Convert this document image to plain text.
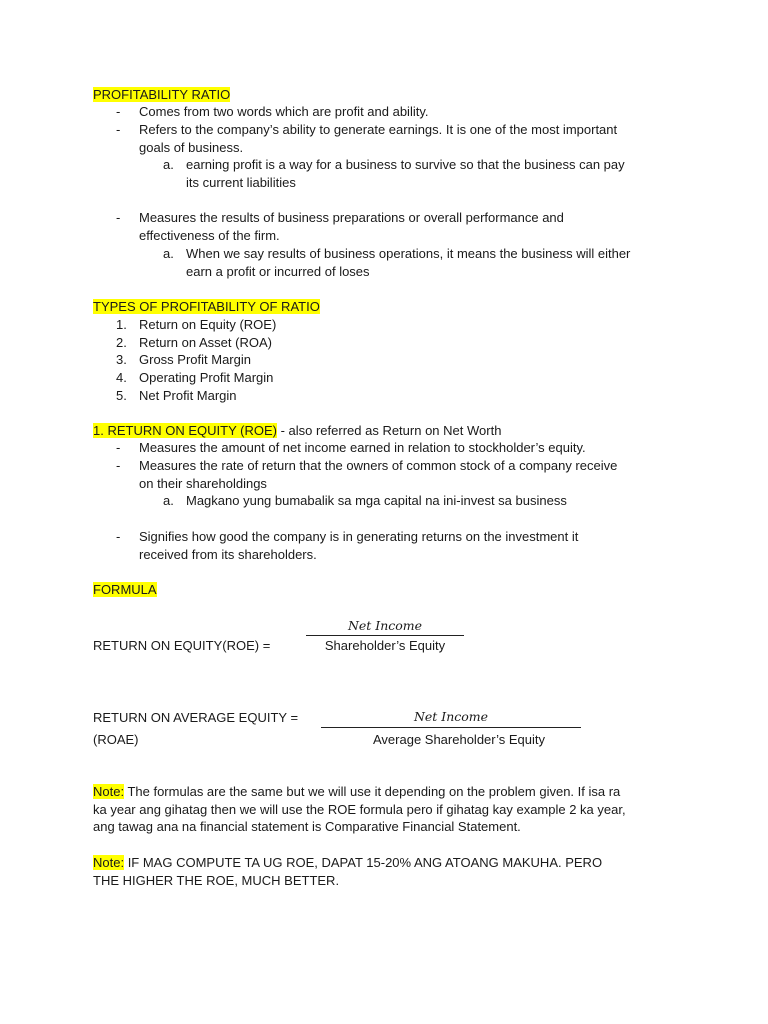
PROFITABILITY RATIO
- Comes from two words which are profit and ability.
- Refers to the company’s ability to generate earnings. It is one of the most important
goals of business.
a. earning profit is a way for a business to survive so that the business can pay
its current liabilities
- Measures the results of business preparations or overall performance and
effectiveness of the firm.
a. When we say results of business operations, it means the business will either
earn a profit or incurred of loses
TYPES OF PROFITABILITY OF RATIO
1. Return on Equity (ROE)
2. Return on Asset (ROA)
3. Gross Profit Margin
4. Operating Profit Margin
5. Net Profit Margin
1. RETURN ON EQUITY (ROE) - also referred as Return on Net Worth
- Measures the amount of net income earned in relation to stockholder’s equity.
- Measures the rate of return that the owners of common stock of a company receive
on their shareholdings
a. Magkano yung bumabalik sa mga capital na ini-invest sa business
- Signifies how good the company is in generating returns on the investment it
received from its shareholders.
FORMULA
Net Income
RETURN ON EQUITY(ROE) =	Shareholder’s Equity
Net Income
RETURN ON AVERAGE EQUITY =
(ROAE)	Average Shareholder’s Equity
Note: The formulas are the same but we will use it depending on the problem given. If isa ra
ka year ang gihatag then we will use the ROE formula pero if gihatag kay example 2 ka year,
ang tawag ana na financial statement is Comparative Financial Statement.
Note: IF MAG COMPUTE TA UG ROE, DAPAT 15-20% ANG ATOANG MAKUHA. PERO
THE HIGHER THE ROE, MUCH BETTER.
